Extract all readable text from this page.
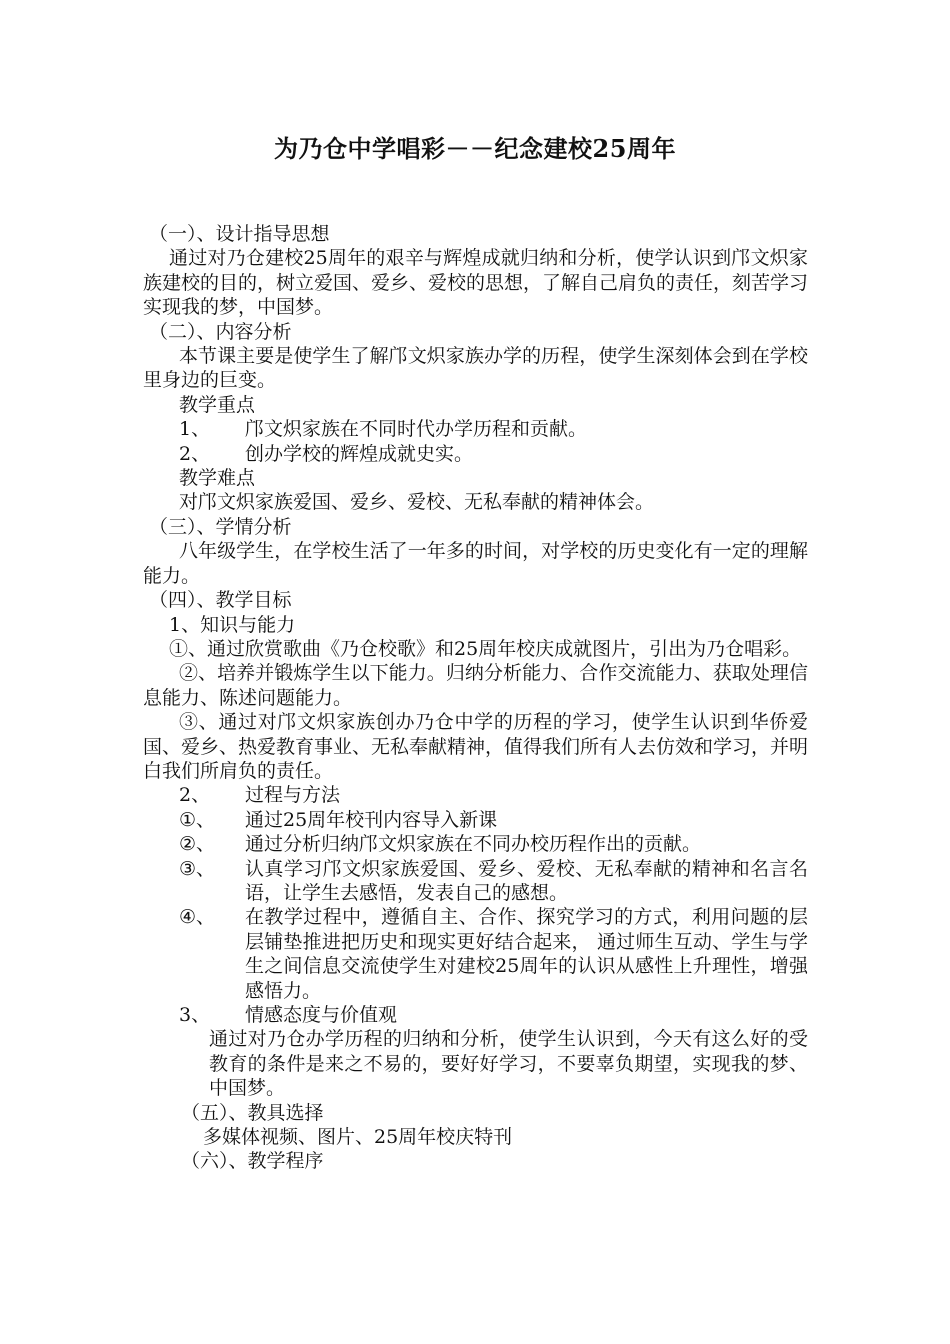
为乃仓中学唱彩－－纪念建校25周年

（一）、设计指导思想

通过对乃仓建校25周年的艰辛与辉煌成就归纳和分析，使学认识到邝文炽家族建校的目的，树立爱国、爱乡、爱校的思想，了解自己肩负的责任，刻苦学习实现我的梦，中国梦。

（二）、内容分析

本节课主要是使学生了解邝文炽家族办学的历程，使学生深刻体会到在学校里身边的巨变。

教学重点

1、	邝文炽家族在不同时代办学历程和贡献。
2、	创办学校的辉煌成就史实。

教学难点

对邝文炽家族爱国、爱乡、爱校、无私奉献的精神体会。

（三）、学情分析

八年级学生，在学校生活了一年多的时间，对学校的历史变化有一定的理解能力。

（四）、教学目标

1、知识与能力

①、通过欣赏歌曲《乃仓校歌》和25周年校庆成就图片，引出为乃仓唱彩。

②、培养并锻炼学生以下能力。归纳分析能力、合作交流能力、获取处理信息能力、陈述问题能力。

③、通过对邝文炽家族创办乃仓中学的历程的学习，使学生认识到华侨爱国、爱乡、热爱教育事业、无私奉献精神，值得我们所有人去仿效和学习，并明白我们所肩负的责任。

2、	过程与方法
①、	通过25周年校刊内容导入新课
②、	通过分析归纳邝文炽家族在不同办校历程作出的贡献。
③、	认真学习邝文炽家族爱国、爱乡、爱校、无私奉献的精神和名言名语，让学生去感悟，发表自己的感想。
④、	在教学过程中，遵循自主、合作、探究学习的方式，利用问题的层层铺垫推进把历史和现实更好结合起来， 通过师生互动、学生与学生之间信息交流使学生对建校25周年的认识从感性上升理性，增强感悟力。
3、	情感态度与价值观

通过对乃仓办学历程的归纳和分析，使学生认识到，今天有这么好的受教育的条件是来之不易的，要好好学习，不要辜负期望，实现我的梦、中国梦。

（五）、教具选择

多媒体视频、图片、25周年校庆特刊

（六）、教学程序
